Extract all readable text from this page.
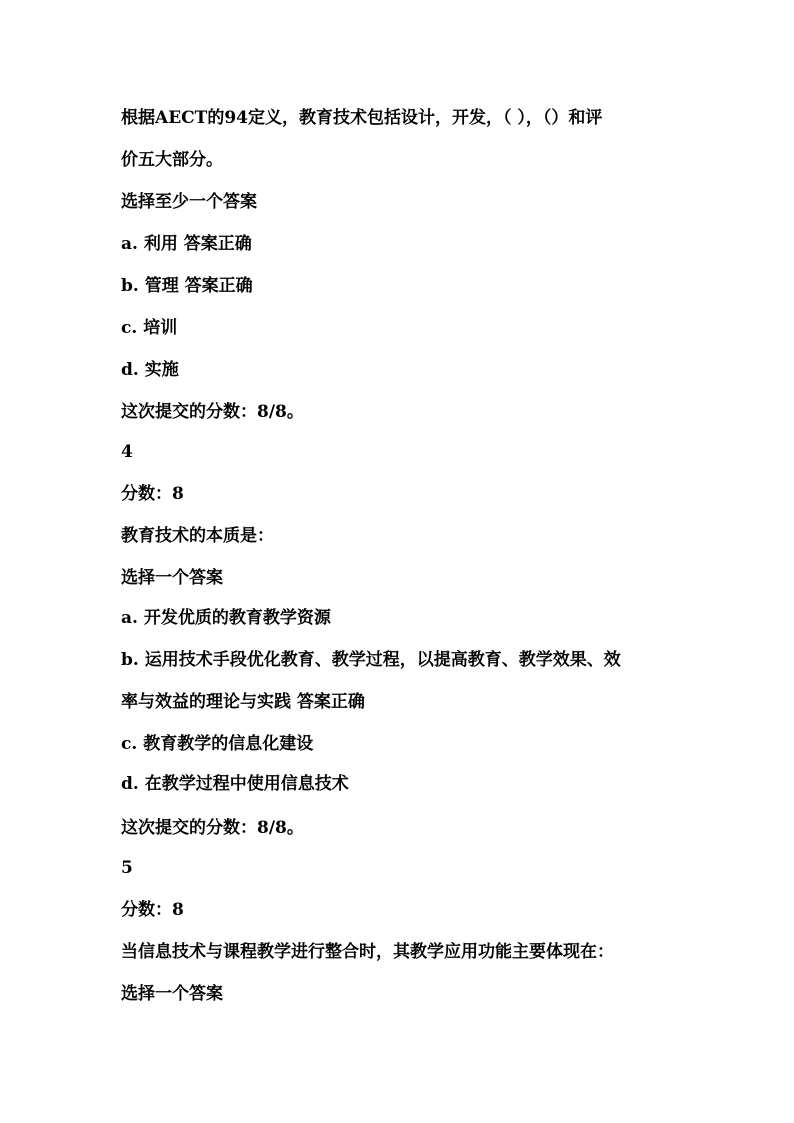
根据AECT的94定义，教育技术包括设计，开发，（ ），（）和评
价五大部分。
选择至少一个答案
a. 利用 答案正确
b. 管理 答案正确
c. 培训
d. 实施
这次提交的分数：8/8。
4
分数：8
教育技术的本质是：
选择一个答案
a. 开发优质的教育教学资源
b. 运用技术手段优化教育、教学过程，以提高教育、教学效果、效
率与效益的理论与实践 答案正确
c. 教育教学的信息化建设
d. 在教学过程中使用信息技术
这次提交的分数：8/8。
5
分数：8
当信息技术与课程教学进行整合时，其教学应用功能主要体现在：
选择一个答案
